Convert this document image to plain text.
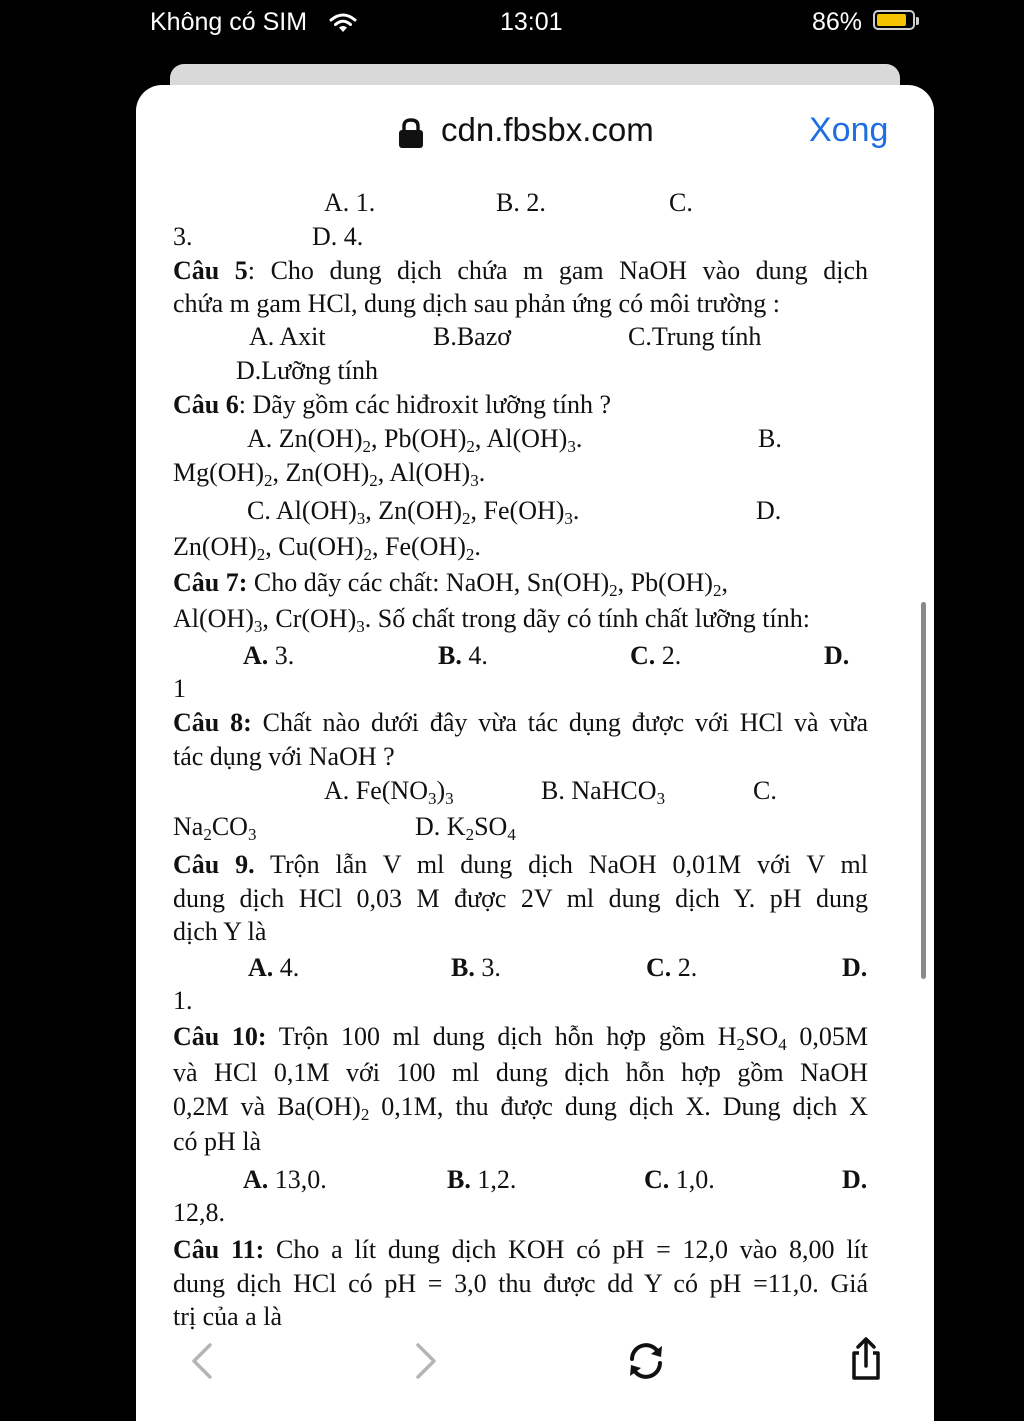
Không có SIM	13:01	86%
cdn.fbsbx.com	Xong
A. 1.	B. 2.	C.
3.	D. 4.
Câu 5: Cho dung dịch chứa m gam NaOH vào dung dịch
chứa m gam HCl, dung dịch sau phản ứng có môi trường :
A. Axit	B.Bazơ	C.Trung tính
D.Lưỡng tính
Câu 6: Dãy gồm các hiđroxit lưỡng tính ?
A. $Zn(OH)_2$, $Pb(OH)_2$, $Al(OH)_3$.	B.
$Mg(OH)_2$, $Zn(OH)_2$, $Al(OH)_3$.
C. $Al(OH)_3$, $Zn(OH)_2$, $Fe(OH)_3$.	D.
$Zn(OH)_2$, $Cu(OH)_2$, $Fe(OH)_2$.
Câu 7: Cho dãy các chất: NaOH, $Sn(OH)_2$, $Pb(OH)_2$,
$Al(OH)_3$, $Cr(OH)_3$. Số chất trong dãy có tính chất lưỡng tính:
A. 3.	B. 4.	C. 2.	D.
1
Câu 8: Chất nào dưới đây vừa tác dụng được với HCl và vừa
tác dụng với NaOH ?
A. $Fe(NO_3)_3$	B. NaHCO$_3$	C.
$Na_2CO_3$	D. $K_2SO_4$
Câu 9. Trộn lẫn V ml dung dịch NaOH 0,01M với V ml
dung dịch HCl 0,03 M được 2V ml dung dịch Y. pH dung
dịch Y là
A. 4.	B. 3.	C. 2.	D.
1.
Câu 10: Trộn 100 ml dung dịch hỗn hợp gồm $H_2SO_4$ 0,05M
và HCl 0,1M với 100 ml dung dịch hỗn hợp gồm NaOH
0,2M và $Ba(OH)_2$ 0,1M, thu được dung dịch X. Dung dịch X
có pH là
A. 13,0.	B. 1,2.	C. 1,0.	D.
12,8.
Câu 11: Cho a lít dung dịch KOH có pH = 12,0 vào 8,00 lít
dung dịch HCl có pH = 3,0 thu được dd Y có pH =11,0. Giá
trị của a là
